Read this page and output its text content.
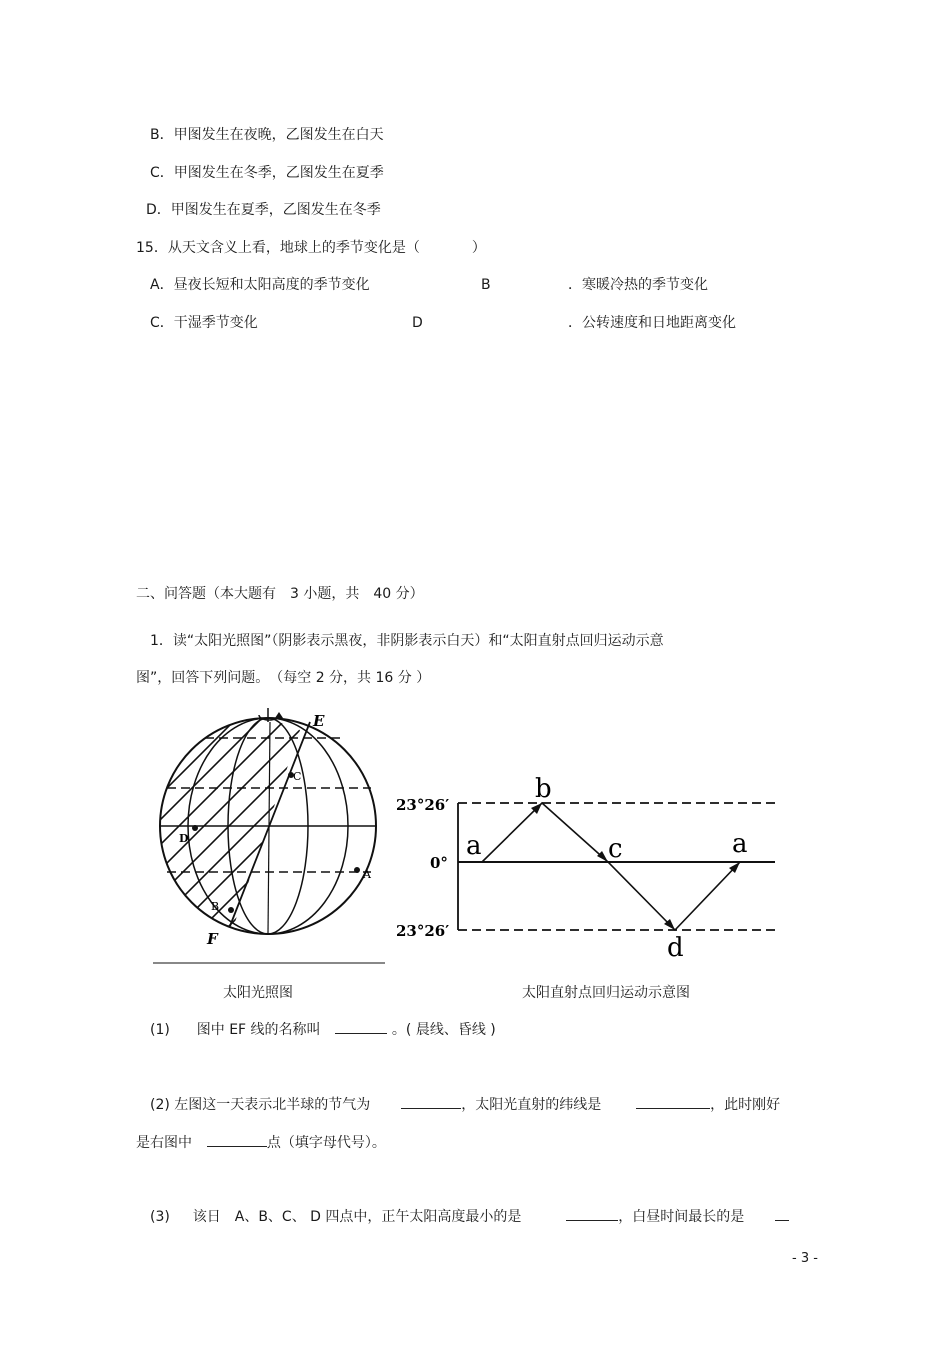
B．甲图发生在夜晚，乙图发生在白天
C．甲图发生在冬季，乙图发生在夏季
D．甲图发生在夏季，乙图发生在冬季
15．从天文含义上看，地球上的季节变化是（	）
A．昼夜长短和太阳高度的季节变化	B	．寒暖冷热的季节变化
C．干湿季节变化	D	．公转速度和日地距离变化
二、问答题（本大题有　3 小题，共　40 分）
1．读“太阳光照图”（阴影表示黑夜，非阴影表示白天）和“太阳直射点回归运动示意
图”，回答下列问题。　（每空 2 分，共 16 分 ）
E
F
C
D
A
B
23°26′
0°
23°26′
a
b
c	a
d
太阳光照图	太阳直射点回归运动示意图
(1) 图中 EF 线的名称叫	。( 晨线、昏线 )
(2) 左图这一天表示北半球的节气为	，太阳光直射的纬线是	，此时刚好
是右图中	点（填字母代号）。
(3) 该日　A、B、C、 D 四点中，正午太阳高度最小的是	，白昼时间最长的是
- 3 -
